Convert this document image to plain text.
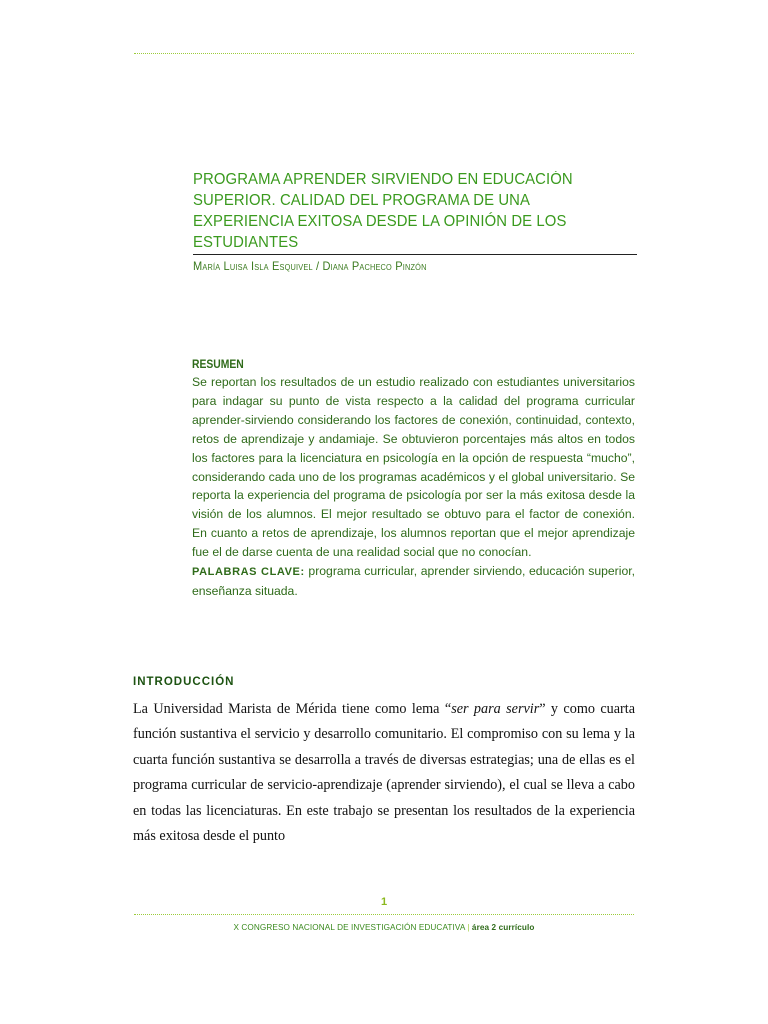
PROGRAMA APRENDER SIRVIENDO EN EDUCACIÓN SUPERIOR. CALIDAD DEL PROGRAMA DE UNA EXPERIENCIA EXITOSA DESDE LA OPINIÓN DE LOS ESTUDIANTES
María Luisa Isla Esquivel / Diana Pacheco Pinzón
RESUMEN

Se reportan los resultados de un estudio realizado con estudiantes universitarios para indagar su punto de vista respecto a la calidad del programa curricular aprender-sirviendo considerando los factores de conexión, continuidad, contexto, retos de aprendizaje y andamiaje. Se obtuvieron porcentajes más altos en todos los factores para la licenciatura en psicología en la opción de respuesta “mucho”, considerando cada uno de los programas académicos y el global universitario. Se reporta la experiencia del programa de psicología por ser la más exitosa desde la visión de los alumnos. El mejor resultado se obtuvo para el factor de conexión. En cuanto a retos de aprendizaje, los alumnos reportan que el mejor aprendizaje fue el de darse cuenta de una realidad social que no conocían.
PALABRAS CLAVE: programa curricular, aprender sirviendo, educación superior, enseñanza situada.

INTRODUCCIÓN

La Universidad Marista de Mérida tiene como lema “ser para servir” y como cuarta función sustantiva el servicio y desarrollo comunitario. El compromiso con su lema y la cuarta función sustantiva se desarrolla a través de diversas estrategias; una de ellas es el programa curricular de servicio-aprendizaje (aprender sirviendo), el cual se lleva a cabo en todas las licenciaturas. En este trabajo se presentan los resultados de la experiencia más exitosa desde el punto

1
X CONGRESO NACIONAL DE INVESTIGACIÓN EDUCATIVA | área 2 currículo
